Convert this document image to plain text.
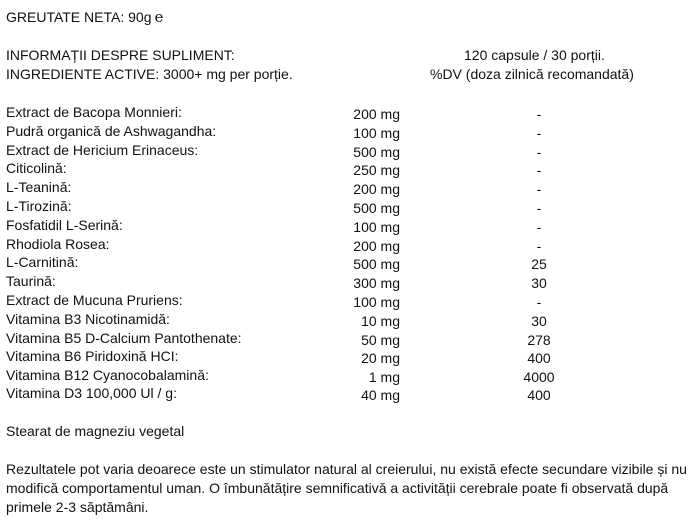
GREUTATE NETA: 90g e
INFORMAȚII DESPRE SUPLIMENT:	120 capsule / 30 porții.
INGREDIENTE ACTIVE: 3000+ mg per porție.	%DV (doza zilnică recomandată)
Extract de Bacopa Monnieri:	200 mg	-
Pudră organică de Ashwagandha:	100 mg	-
Extract de Hericium Erinaceus:	500 mg	-
Citicolină:	250 mg	-
L-Teanină:	200 mg	-
L-Tirozină:	500 mg	-
Fosfatidil L-Serină:	100 mg	-
Rhodiola Rosea:	200 mg	-
L-Carnitină:	500 mg	25
Taurină:	300 mg	30
Extract de Mucuna Pruriens:	100 mg	-
Vitamina B3 Nicotinamidă:	10 mg	30
Vitamina B5 D-Calcium Pantothenate:	50 mg	278
Vitamina B6 Piridoxină HCI:	20 mg	400
Vitamina B12 Cyanocobalamină:	1 mg	4000
Vitamina D3 100,000 Ul / g:	40 mg	400
Stearat de magneziu vegetal
Rezultatele pot varia deoarece este un stimulator natural al creierului, nu există efecte secundare vizibile și nu modifică comportamentul uman. O îmbunătățire semnificativă a activității cerebrale poate fi observată după primele 2-3 săptămâni.
